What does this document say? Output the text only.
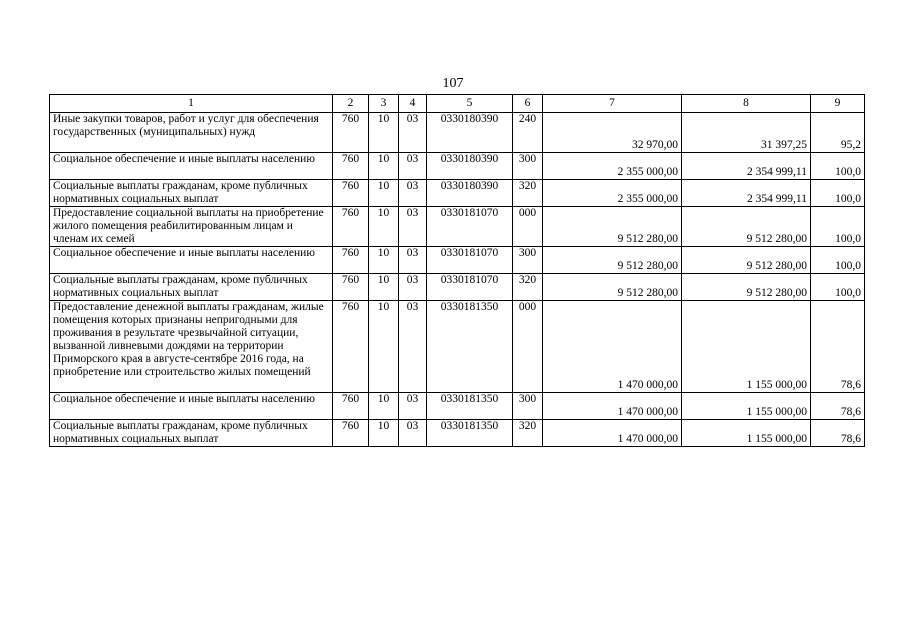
107
1	2	3	4	5	6	7	8	9
Иные закупки товаров, работ и услуг для обеспечения государственных (муниципальных) нужд	760	10	03	0330180390	240	32 970,00	31 397,25	95,2
Социальное обеспечение и иные выплаты населению	760	10	03	0330180390	300	2 355 000,00	2 354 999,11	100,0
Социальные выплаты гражданам, кроме публичных нормативных социальных выплат	760	10	03	0330180390	320	2 355 000,00	2 354 999,11	100,0
Предоставление социальной выплаты на приобретение жилого помещения реабилитированным лицам и членам их семей	760	10	03	0330181070	000	9 512 280,00	9 512 280,00	100,0
Социальное обеспечение и иные выплаты населению	760	10	03	0330181070	300	9 512 280,00	9 512 280,00	100,0
Социальные выплаты гражданам, кроме публичных нормативных социальных выплат	760	10	03	0330181070	320	9 512 280,00	9 512 280,00	100,0
Предоставление денежной выплаты гражданам, жилые помещения которых признаны непригодными для проживания в результате чрезвычайной ситуации, вызванной ливневыми дождями на территории Приморского края в августе-сентябре 2016 года, на приобретение или строительство жилых помещений	760	10	03	0330181350	000	1 470 000,00	1 155 000,00	78,6
Социальное обеспечение и иные выплаты населению	760	10	03	0330181350	300	1 470 000,00	1 155 000,00	78,6
Социальные выплаты гражданам, кроме публичных нормативных социальных выплат	760	10	03	0330181350	320	1 470 000,00	1 155 000,00	78,6
